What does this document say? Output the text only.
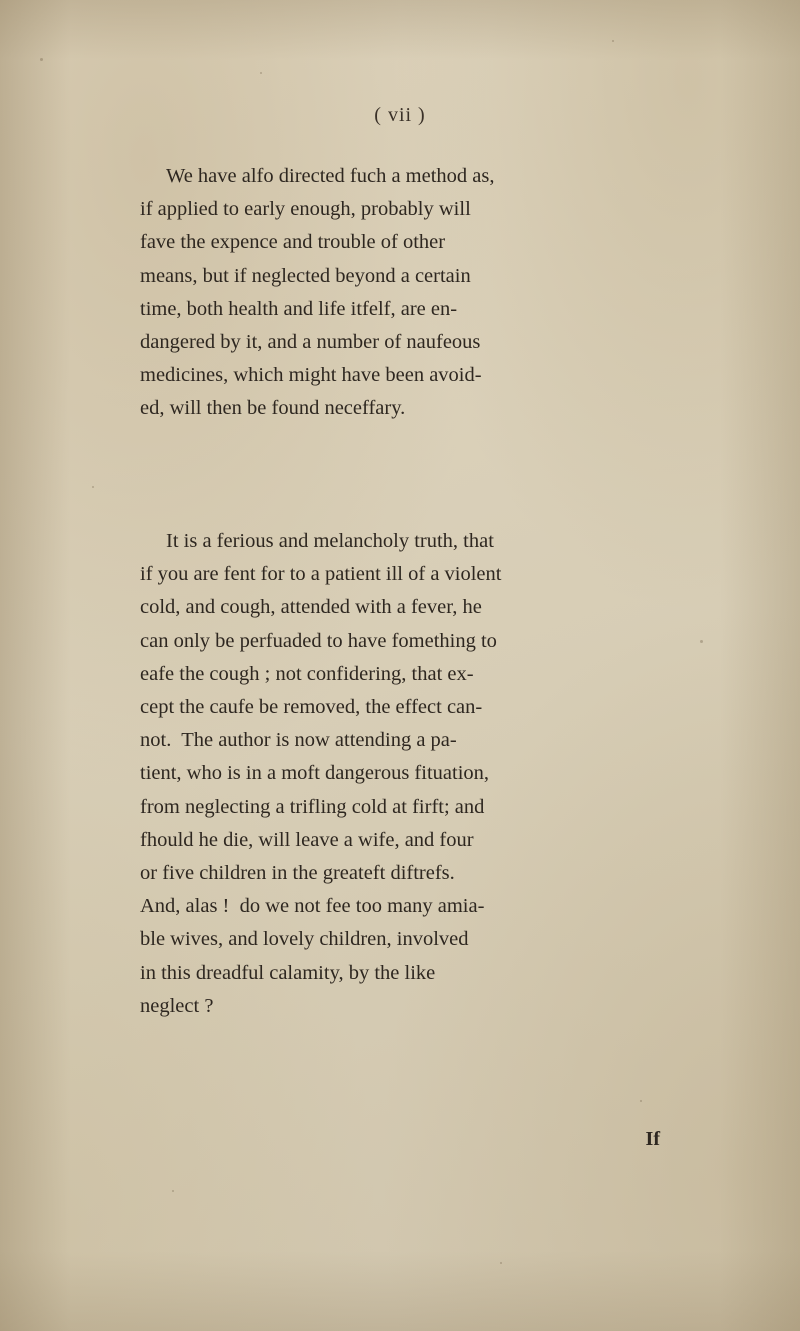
( vii )

We have alfo directed fuch a method as,
if applied to early enough, probably will
fave the expence and trouble of other
means, but if neglected beyond a certain
time, both health and life itfelf, are en-
dangered by it, and a number of naufeous
medicines, which might have been avoid-
ed, will then be found neceffary.

It is a ferious and melancholy truth, that
if you are fent for to a patient ill of a violent
cold, and cough, attended with a fever, he
can only be perfuaded to have fomething to
eafe the cough ; not confidering, that ex-
cept the caufe be removed, the effect can-
not.  The author is now attending a pa-
tient, who is in a moft dangerous fituation,
from neglecting a trifling cold at firft; and
fhould he die, will leave a wife, and four
or five children in the greateft diftrefs.
And, alas !  do we not fee too many amia-
ble wives, and lovely children, involved
in this dreadful calamity, by the like
neglect ?

If
